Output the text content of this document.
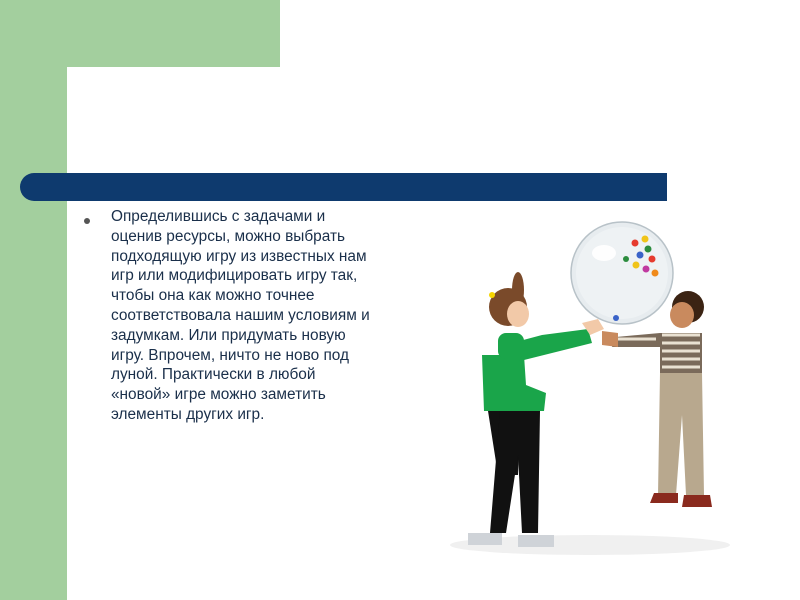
Определившись с задачами и оценив ресурсы, можно выбрать подходящую игру из известных нам игр или модифицировать игру так, чтобы она как можно точнее соответствовала нашим условиям и задумкам. Или придумать новую игру. Впрочем, ничто не ново под луной. Практически в любой «новой» игре можно заметить элементы других игр.
